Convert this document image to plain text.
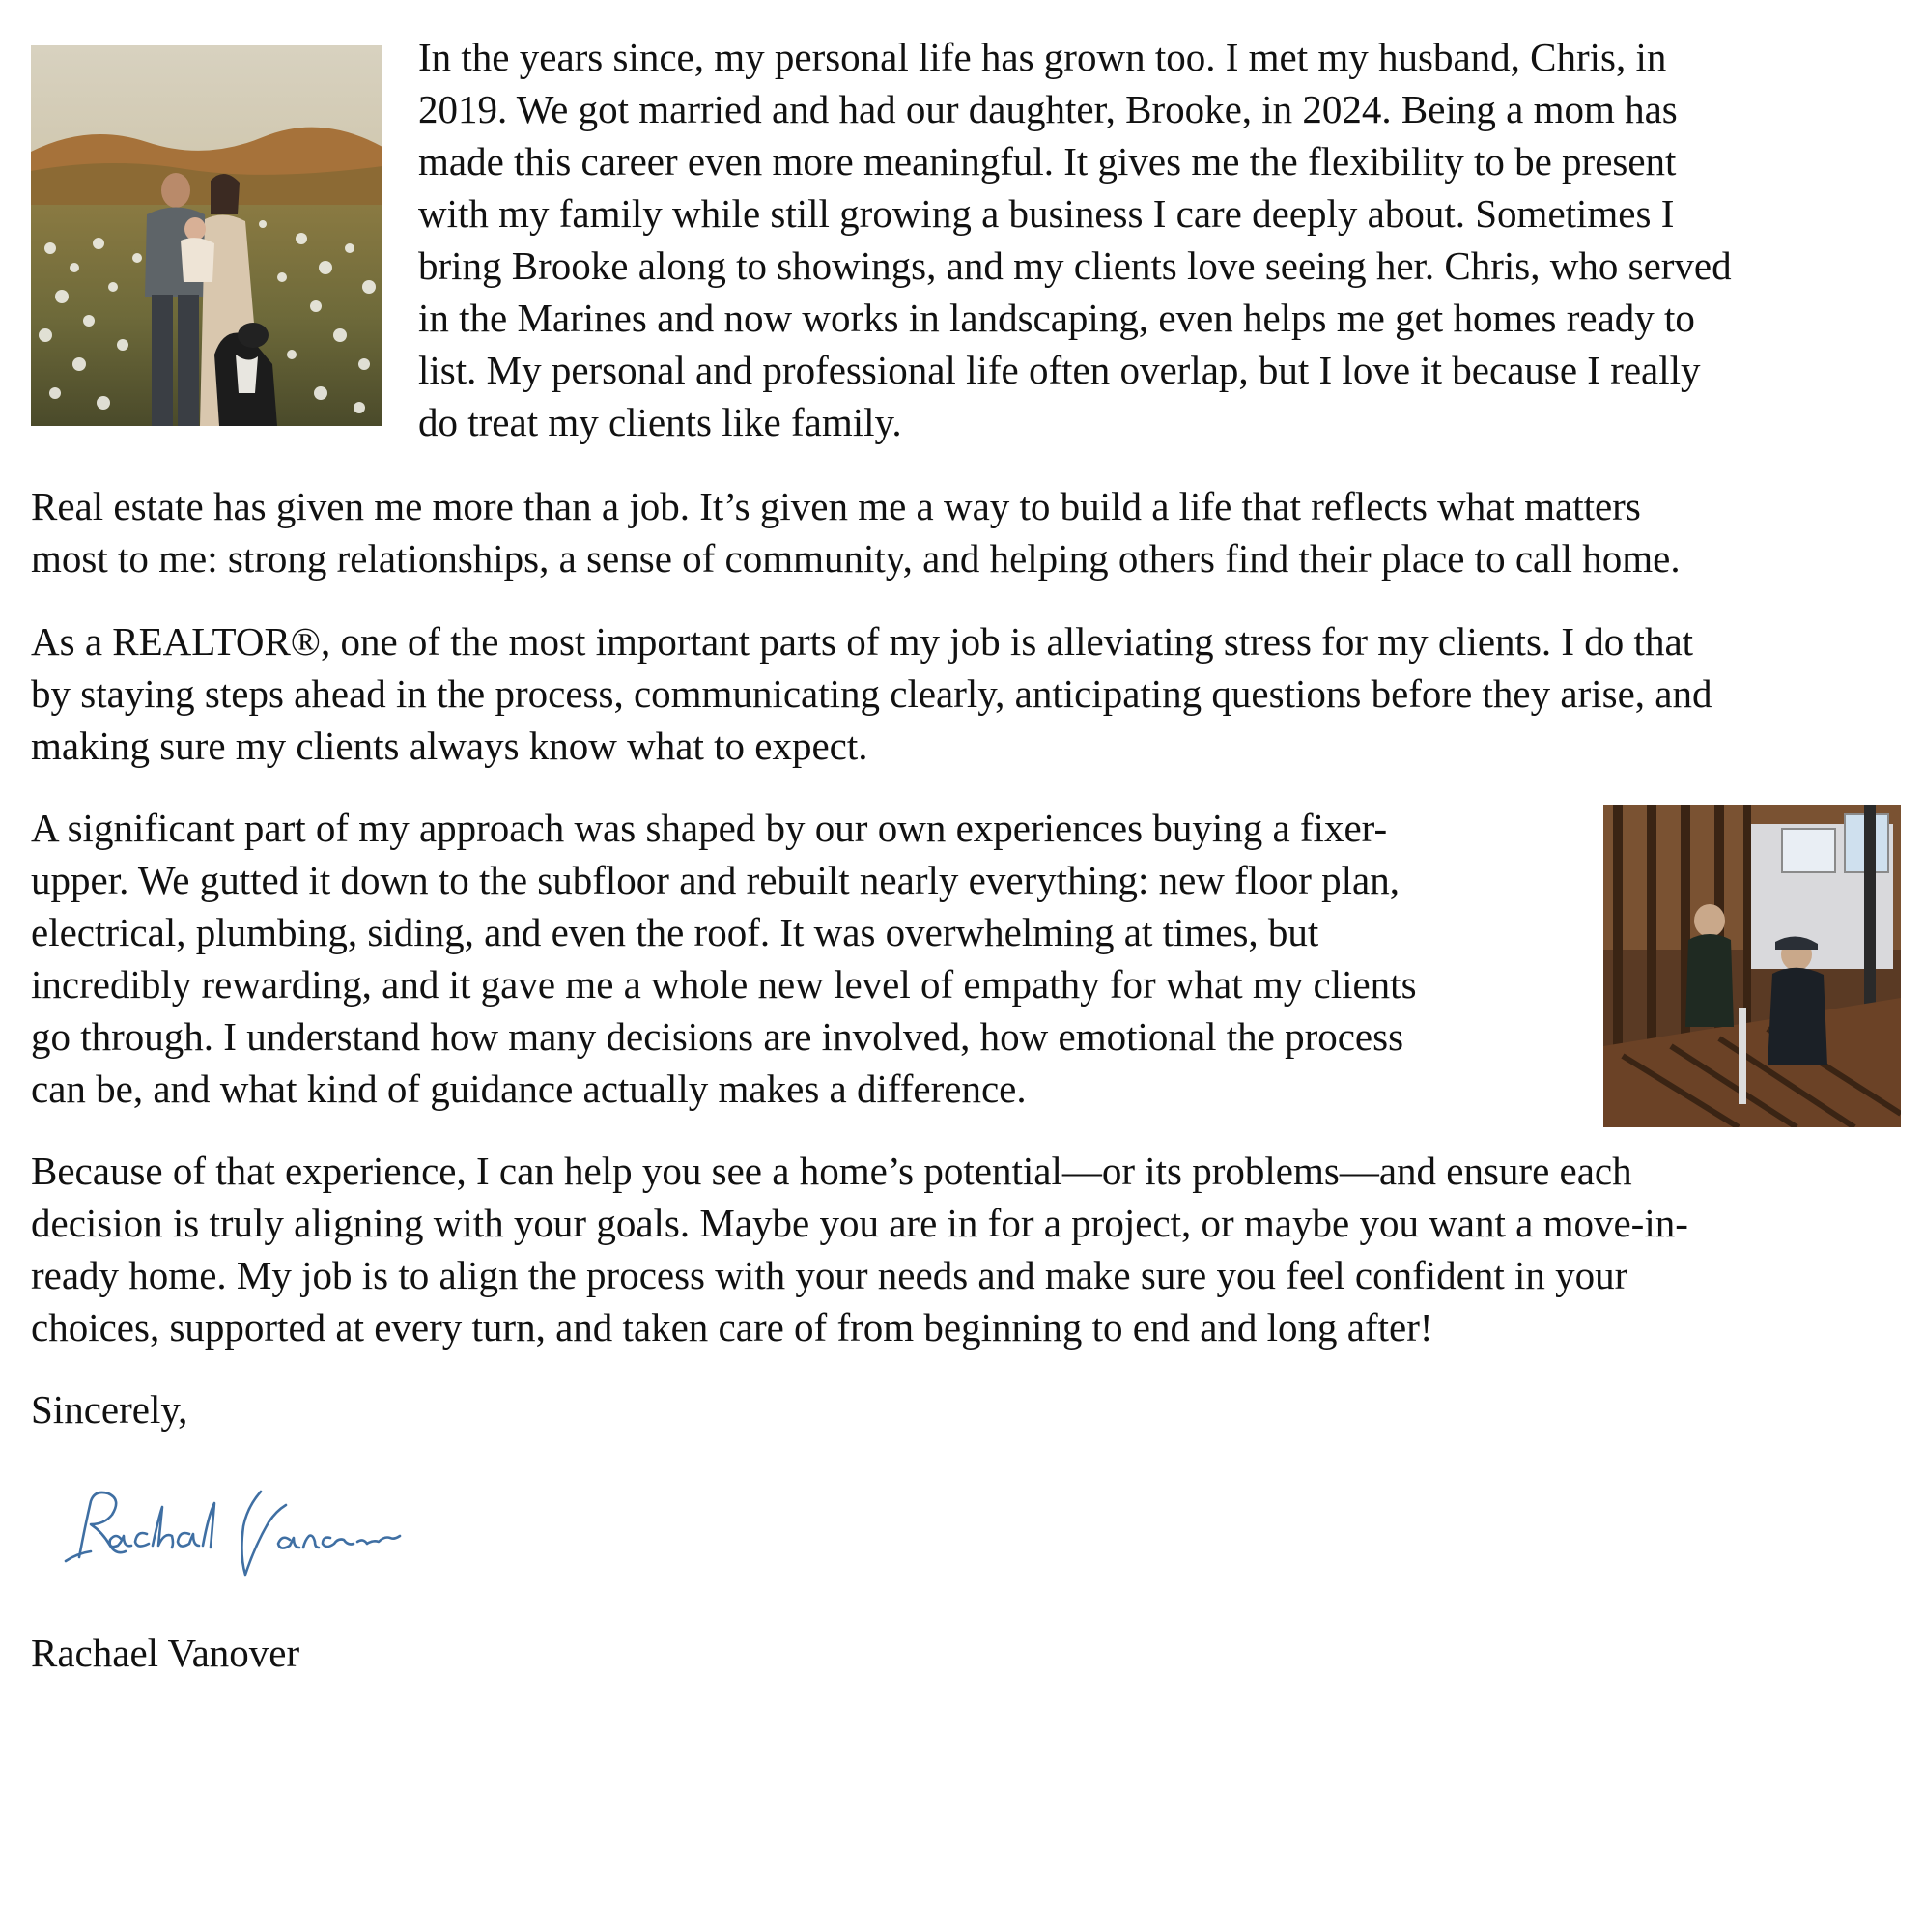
In the years since, my personal life has grown too. I met my husband, Chris, in
2019. We got married and had our daughter, Brooke, in 2024. Being a mom has
made this career even more meaningful. It gives me the flexibility to be present
with my family while still growing a business I care deeply about. Sometimes I
bring Brooke along to showings, and my clients love seeing her. Chris, who served
in the Marines and now works in landscaping, even helps me get homes ready to
list. My personal and professional life often overlap, but I love it because I really
do treat my clients like family.

Real estate has given me more than a job. It’s given me a way to build a life that reflects what matters
most to me: strong relationships, a sense of community, and helping others find their place to call home.

As a REALTOR®, one of the most important parts of my job is alleviating stress for my clients. I do that
by staying steps ahead in the process, communicating clearly, anticipating questions before they arise, and
making sure my clients always know what to expect.

A significant part of my approach was shaped by our own experiences buying a fixer-
upper. We gutted it down to the subfloor and rebuilt nearly everything: new floor plan,
electrical, plumbing, siding, and even the roof. It was overwhelming at times, but
incredibly rewarding, and it gave me a whole new level of empathy for what my clients
go through. I understand how many decisions are involved, how emotional the process
can be, and what kind of guidance actually makes a difference.

Because of that experience, I can help you see a home’s potential—or its problems—and ensure each
decision is truly aligning with your goals. Maybe you are in for a project, or maybe you want a move-in-
ready home. My job is to align the process with your needs and make sure you feel confident in your
choices, supported at every turn, and taken care of from beginning to end and long after!

Sincerely,
Rachael Vanover
